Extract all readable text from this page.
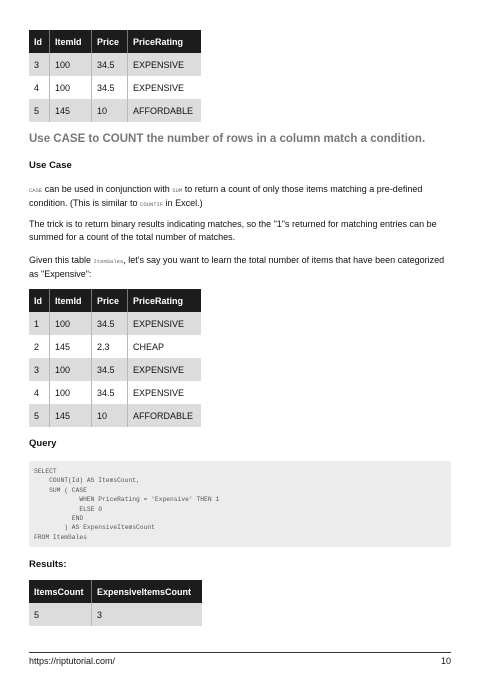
Id	ItemId	Price	PriceRating
3	100	34.5	EXPENSIVE
4	100	34.5	EXPENSIVE
5	145	10	AFFORDABLE
Use CASE to COUNT the number of rows in a column match a condition.
Use Case

CASE can be used in conjunction with SUM to return a count of only those items matching a pre-defined condition. (This is similar to COUNTIF in Excel.)

The trick is to return binary results indicating matches, so the "1"s returned for matching entries can be summed for a count of the total number of matches.

Given this table ItemSales, let's say you want to learn the total number of items that have been categorized as "Expensive":

Id	ItemId	Price	PriceRating
1	100	34.5	EXPENSIVE
2	145	2.3	CHEAP
3	100	34.5	EXPENSIVE
4	100	34.5	EXPENSIVE
5	145	10	AFFORDABLE
Query
SELECT
COUNT(Id) AS ItemsCount,
SUM ( CASE
WHEN PriceRating = 'Expensive' THEN 1
ELSE 0
END
) AS ExpensiveItemsCount
FROM ItemSales
Results:
ItemsCount	ExpensiveItemsCount
5	3
https://riptutorial.com/	10
